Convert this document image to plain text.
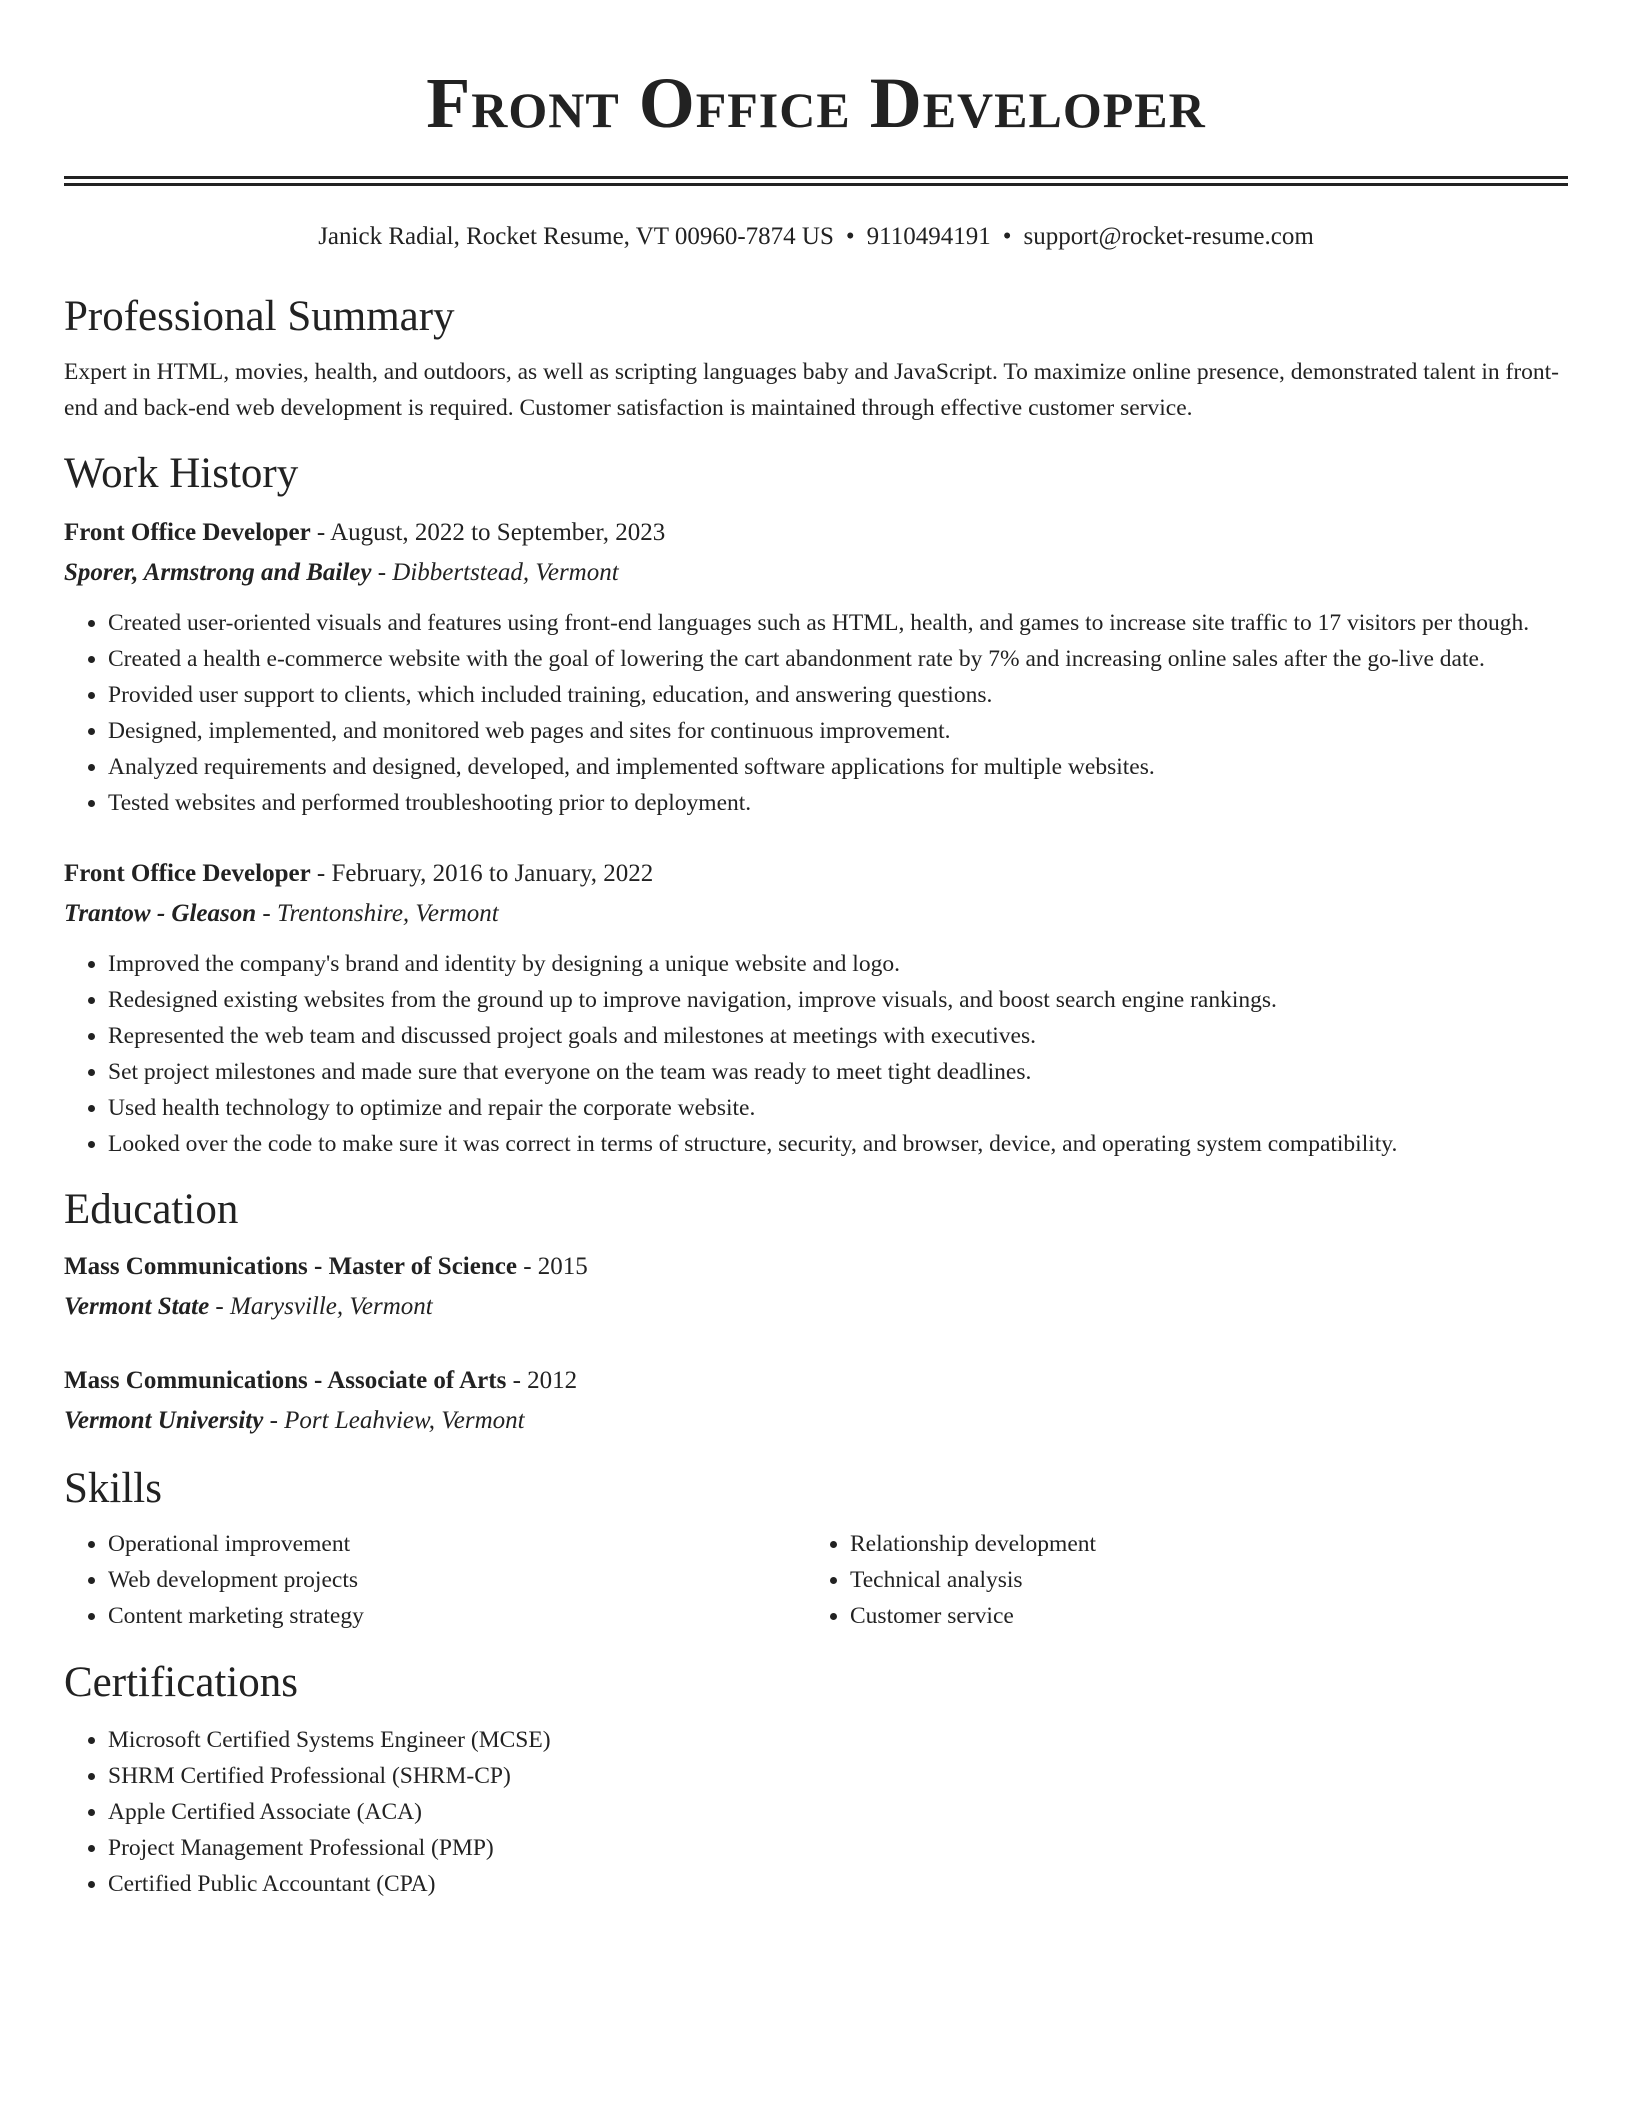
Front Office Developer
Janick Radial, Rocket Resume, VT 00960-7874 US • 9110494191 • support@rocket-resume.com
Professional Summary

Expert in HTML, movies, health, and outdoors, as well as scripting languages baby and JavaScript. To maximize online presence, demonstrated talent in front-end and back-end web development is required. Customer satisfaction is maintained through effective customer service.

Work History
Front Office Developer - August, 2022 to September, 2023
Sporer, Armstrong and Bailey - Dibbertstead, Vermont
• Created user-oriented visuals and features using front-end languages such as HTML, health, and games to increase site traffic to 17 visitors per though.
• Created a health e-commerce website with the goal of lowering the cart abandonment rate by 7% and increasing online sales after the go-live date.
• Provided user support to clients, which included training, education, and answering questions.
• Designed, implemented, and monitored web pages and sites for continuous improvement.
• Analyzed requirements and designed, developed, and implemented software applications for multiple websites.
• Tested websites and performed troubleshooting prior to deployment.
Front Office Developer - February, 2016 to January, 2022
Trantow - Gleason - Trentonshire, Vermont
• Improved the company's brand and identity by designing a unique website and logo.
• Redesigned existing websites from the ground up to improve navigation, improve visuals, and boost search engine rankings.
• Represented the web team and discussed project goals and milestones at meetings with executives.
• Set project milestones and made sure that everyone on the team was ready to meet tight deadlines.
• Used health technology to optimize and repair the corporate website.
• Looked over the code to make sure it was correct in terms of structure, security, and browser, device, and operating system compatibility.
Education
Mass Communications - Master of Science - 2015
Vermont State - Marysville, Vermont
Mass Communications - Associate of Arts - 2012
Vermont University - Port Leahview, Vermont
Skills
• Operational improvement
• Web development projects
• Content marketing strategy
• Relationship development
• Technical analysis
• Customer service
Certifications
• Microsoft Certified Systems Engineer (MCSE)
• SHRM Certified Professional (SHRM-CP)
• Apple Certified Associate (ACA)
• Project Management Professional (PMP)
• Certified Public Accountant (CPA)
